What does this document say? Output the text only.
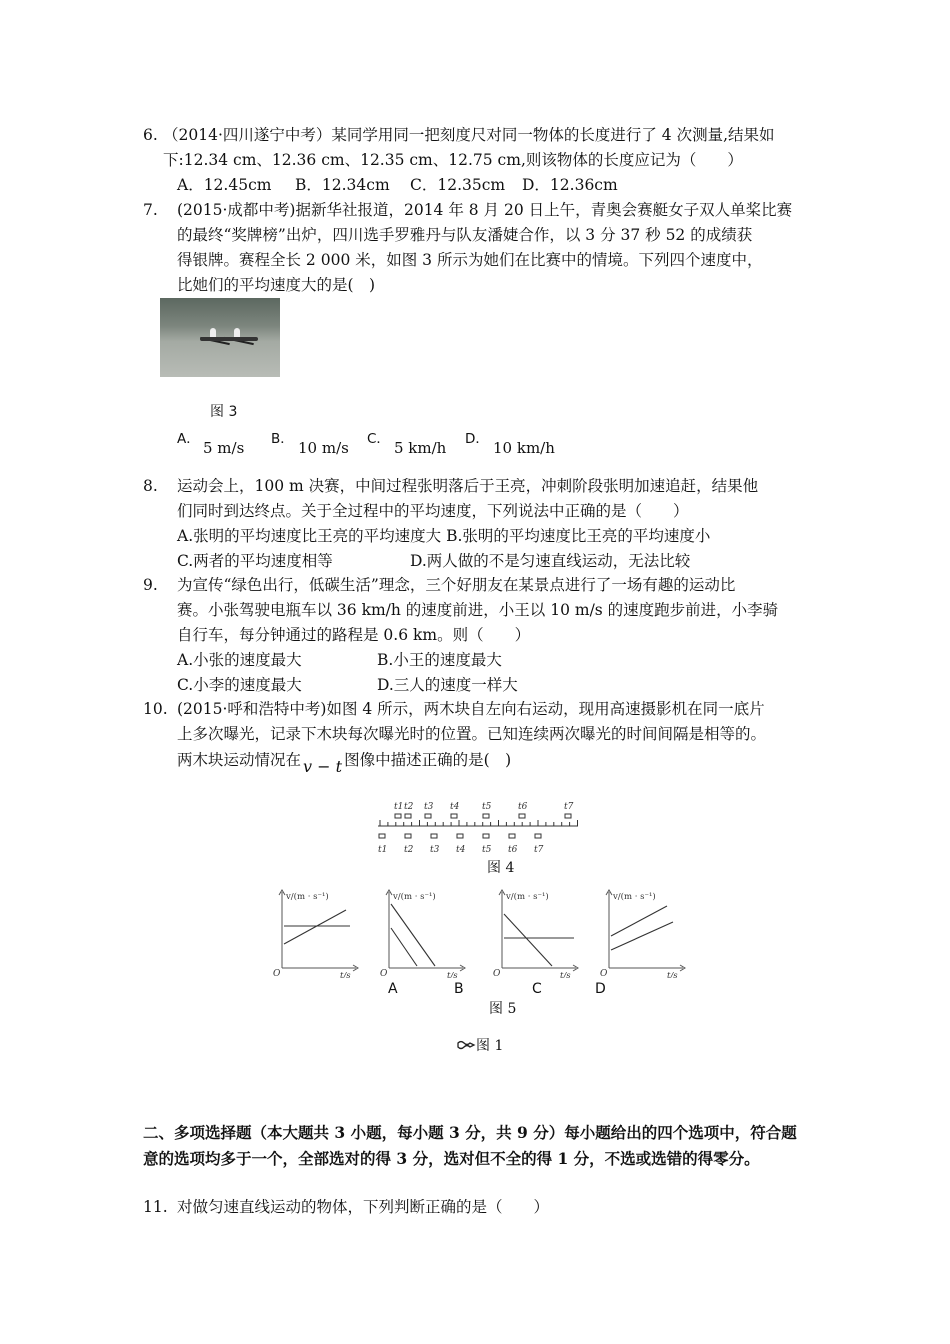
6. （2014·四川遂宁中考）某同学用同一把刻度尺对同一物体的长度进行了 4 次测量,结果如
下:12.34 cm、12.36 cm、12.35 cm、12.75 cm,则该物体的长度应记为（　　）
A．12.45cm B．12.34cm C．12.35cm D．12.36cm
7. (2015·成都中考)据新华社报道，2014 年 8 月 20 日上午，青奥会赛艇女子双人单桨比赛
的最终“奖牌榜”出炉，四川选手罗雅丹与队友潘婕合作，以 3 分 37 秒 52 的成绩获
得银牌。赛程全长 2 000 米，如图 3 所示为她们在比赛中的情境。下列四个速度中，
比她们的平均速度大的是(　)
图 3
A． 5 m/s B． 10 m/s C． 5 km/h D． 10 km/h
8. 运动会上，100 m 决赛，中间过程张明落后于王亮，冲刺阶段张明加速追赶，结果他
们同时到达终点。关于全过程中的平均速度，下列说法中正确的是（　　）
A.张明的平均速度比王亮的平均速度大 B.张明的平均速度比王亮的平均速度小
C.两者的平均速度相等	D.两人做的不是匀速直线运动，无法比较
9. 为宣传“绿色出行，低碳生活”理念，三个好朋友在某景点进行了一场有趣的运动比
赛。小张驾驶电瓶车以 36 km/h 的速度前进，小王以 10 m/s 的速度跑步前进，小李骑
自行车，每分钟通过的路程是 0.6 km。则（　　）
A.小张的速度最大	B.小王的速度最大
C.小李的速度最大	D.三人的速度一样大
10. (2015·呼和浩特中考)如图 4 所示，两木块自左向右运动，现用高速摄影机在同一底片
上多次曝光，记录下木块每次曝光时的位置。已知连续两次曝光的时间间隔是相等的。
两木块运动情况在 v − t 图像中描述正确的是(　)
t1 t2 t3 t4	t5	t6	t7
t1 t2 t3 t4 t5 t6 t7
图 4
v/(m · s⁻¹)
t/s
O
v/(m · s⁻¹)
t/s
O
v/(m · s⁻¹)
t/s
O
v/(m · s⁻¹)
t/s
O
A	B	C	D
图 5
图 1
二、多项选择题（本大题共 3 小题，每小题 3 分，共 9 分）每小题给出的四个选项中，符合题意的选项均多于一个，全部选对的得 3 分，选对但不全的得 1 分，不选或选错的得零分。
11. 对做匀速直线运动的物体，下列判断正确的是（　　）
